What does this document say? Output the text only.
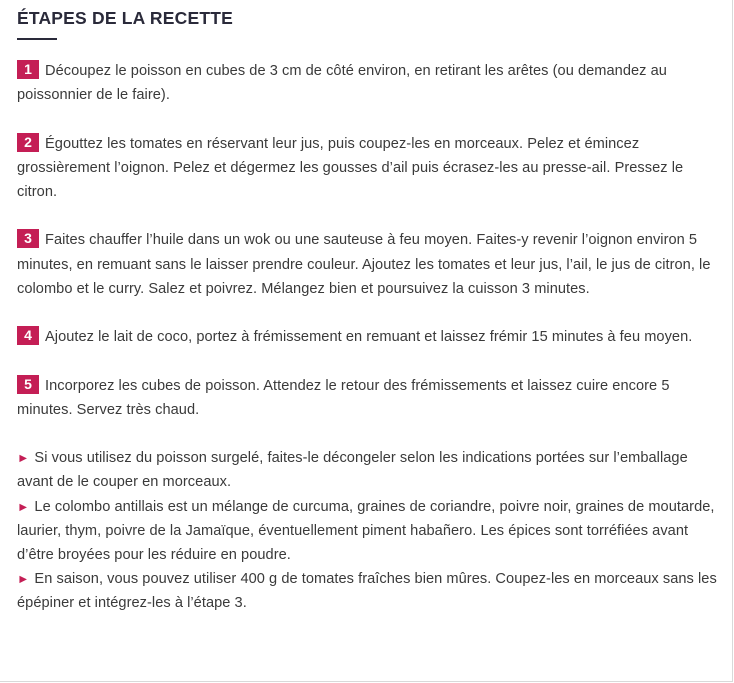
ÉTAPES DE LA RECETTE

1 Découpez le poisson en cubes de 3 cm de côté environ, en retirant les arêtes (ou demandez au poissonnier de le faire).

2 Égouttez les tomates en réservant leur jus, puis coupez-les en morceaux. Pelez et émincez grossièrement l’oignon. Pelez et dégermez les gousses d’ail puis écrasez-les au presse-ail. Pressez le citron.

3 Faites chauffer l’huile dans un wok ou une sauteuse à feu moyen. Faites-y revenir l’oignon environ 5 minutes, en remuant sans le laisser prendre couleur. Ajoutez les tomates et leur jus, l’ail, le jus de citron, le colombo et le curry. Salez et poivrez. Mélangez bien et poursuivez la cuisson 3 minutes.

4 Ajoutez le lait de coco, portez à frémissement en remuant et laissez frémir 15 minutes à feu moyen.

5 Incorporez les cubes de poisson. Attendez le retour des frémissements et laissez cuire encore 5 minutes. Servez très chaud.

► Si vous utilisez du poisson surgelé, faites-le décongeler selon les indications portées sur l’emballage avant de le couper en morceaux.

► Le colombo antillais est un mélange de curcuma, graines de coriandre, poivre noir, graines de moutarde, laurier, thym, poivre de la Jamaïque, éventuellement piment habañero. Les épices sont torréfiées avant d’être broyées pour les réduire en poudre.

► En saison, vous pouvez utiliser 400 g de tomates fraîches bien mûres. Coupez-les en morceaux sans les épépiner et intégrez-les à l’étape 3.
